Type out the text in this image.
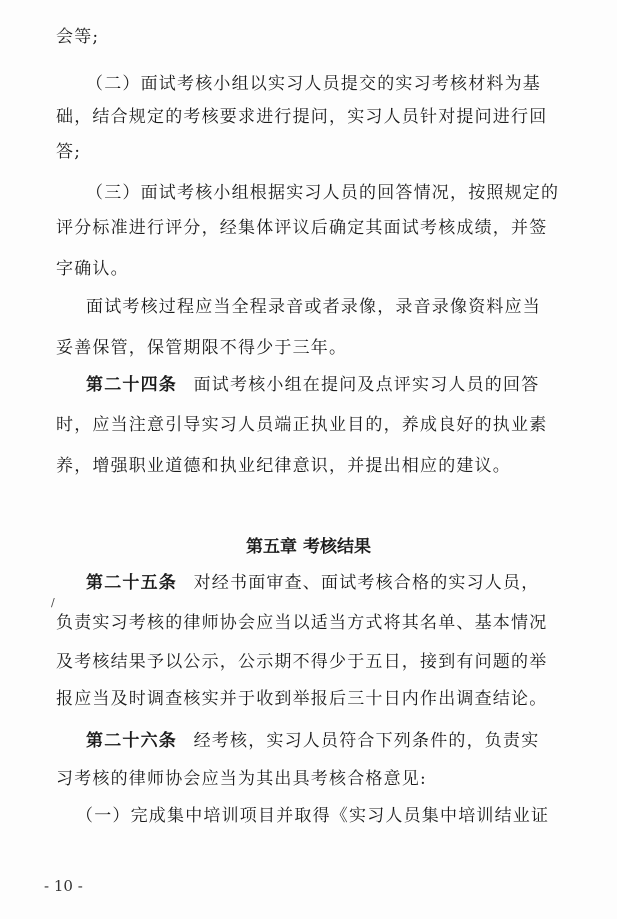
会等;
（二）面试考核小组以实习人员提交的实习考核材料为基
础，结合规定的考核要求进行提问，实习人员针对提问进行回
答;
（三）面试考核小组根据实习人员的回答情况，按照规定的
评分标准进行评分，经集体评议后确定其面试考核成绩，并签
字确认。
面试考核过程应当全程录音或者录像，录音录像资料应当
妥善保管，保管期限不得少于三年。
第二十四条 面试考核小组在提问及点评实习人员的回答
时，应当注意引导实习人员端正执业目的，养成良好的执业素
养，增强职业道德和执业纪律意识，并提出相应的建议。
第五章 考核结果
第二十五条 对经书面审查、面试考核合格的实习人员，
/
负责实习考核的律师协会应当以适当方式将其名单、基本情况
及考核结果予以公示，公示期不得少于五日，接到有问题的举
报应当及时调查核实并于收到举报后三十日内作出调查结论。
第二十六条 经考核，实习人员符合下列条件的，负责实
习考核的律师协会应当为其出具考核合格意见:
（一）完成集中培训项目并取得《实习人员集中培训结业证
- 10 -
